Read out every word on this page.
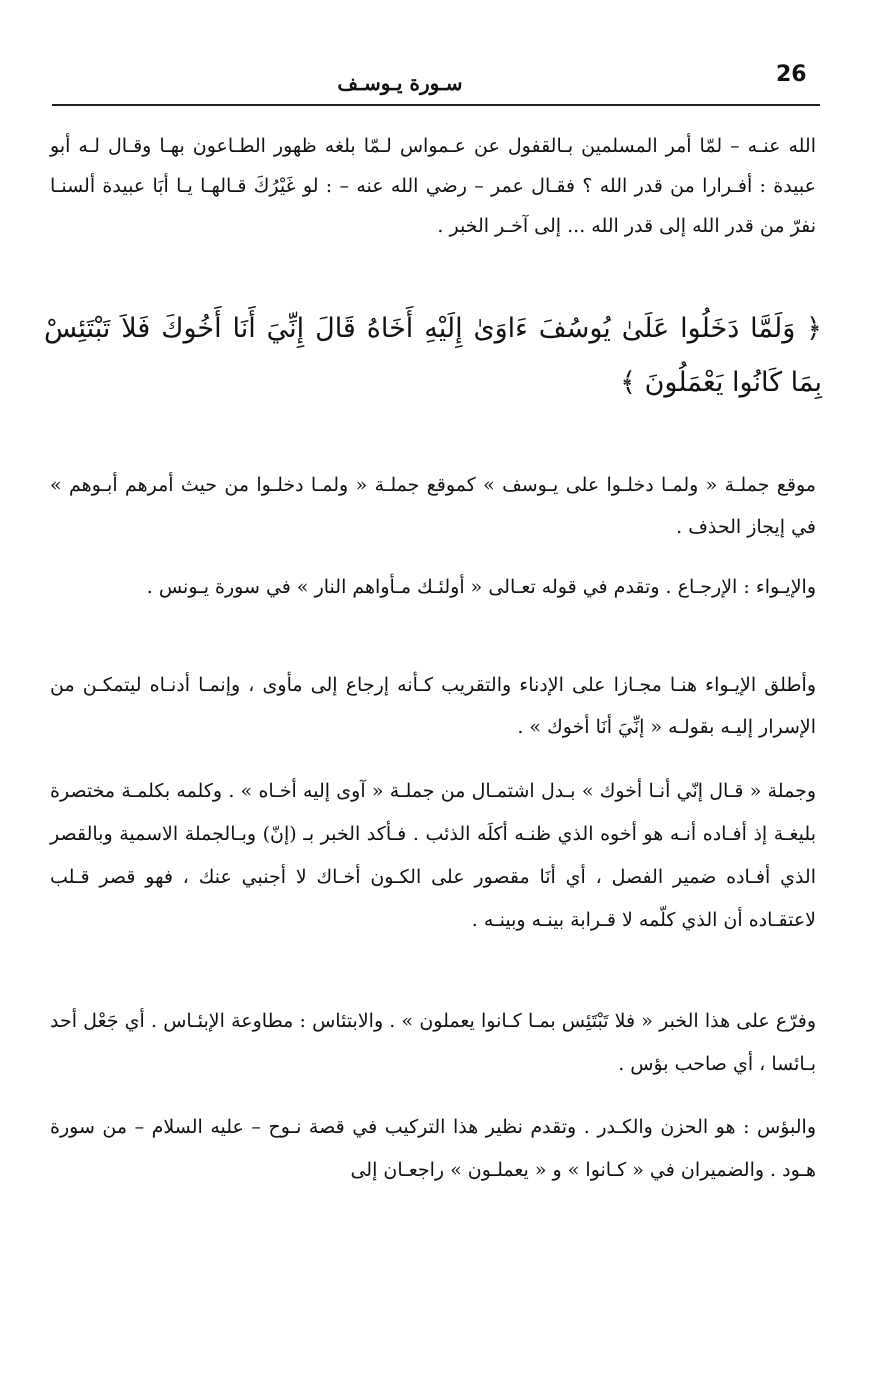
26
سـورة يـوسـف
الله عنـه – لمّا أمر المسلمين بـالقفول عن عـمواس لـمّا بلغه ظهور الطـاعون بهـا وقـال لـه أبو عبيدة : أفـرارا من قدر الله ؟ فقـال عمر – رضي الله عنه – : لو غَيْرُكَ قـالهـا يـا أبَا عبيدة ألسنـا نفرّ من قدر الله إلى قدر الله ... إلى آخـر الخبر .
﴿ وَلَمَّا دَخَلُوا عَلَىٰ يُوسُفَ ءَاوَىٰ إِلَيْهِ أَخَاهُ قَالَ إِنِّيَ أَنَا أَخُوكَ فَلاَ تَبْتَئِسْ بِمَا كَانُوا يَعْمَلُونَ ﴾
موقع جملـة « ولمـا دخلـوا على يـوسف » كموقع جملـة « ولمـا دخلـوا من حيث أمرهم أبـوهم » في إيجاز الحذف .
والإيـواء : الإرجـاع . وتقدم في قوله تعـالى « أولئـك مـأواهم النار » في سورة يـونس .
وأطلق الإيـواء هنـا مجـازا على الإدناء والتقريب كـأنه إرجاع إلى مأوى ، وإنمـا أدنـاه ليتمكـن من الإسرار إليـه بقولـه « إنِّيَ أنَا أخوك » .
وجملة « قـال إنّي أنـا أخوك » بـدل اشتمـال من جملـة « آوى إليه أخـاه » . وكلمه بكلمـة مختصرة بليغـة إذ أفـاده أنـه هو أخوه الذي ظنـه أكلَه الذئب . فـأكد الخبر بـ (إنّ) وبـالجملة الاسمية وبالقصر الذي أفـاده ضمير الفصل ، أي أنَا مقصور على الكـون أخـاك لا أجنبي عنك ، فهو قصر قـلب لاعتقـاده أن الذي كلّمه لا قـرابة بينـه وبينـه .
وفرّع على هذا الخبر « فلا تَبْتَئِس بمـا كـانوا يعملون » . والابتئاس : مطاوعة الإبئـاس . أي جَعْل أحد بـائسا ، أي صاحب بؤس .
والبؤس : هو الحزن والكـدر . وتقدم نظير هذا التركيب في قصة نـوح – عليه السلام – من سورة هـود . والضميران في « كـانوا » و « يعملـون » راجعـان إلى
